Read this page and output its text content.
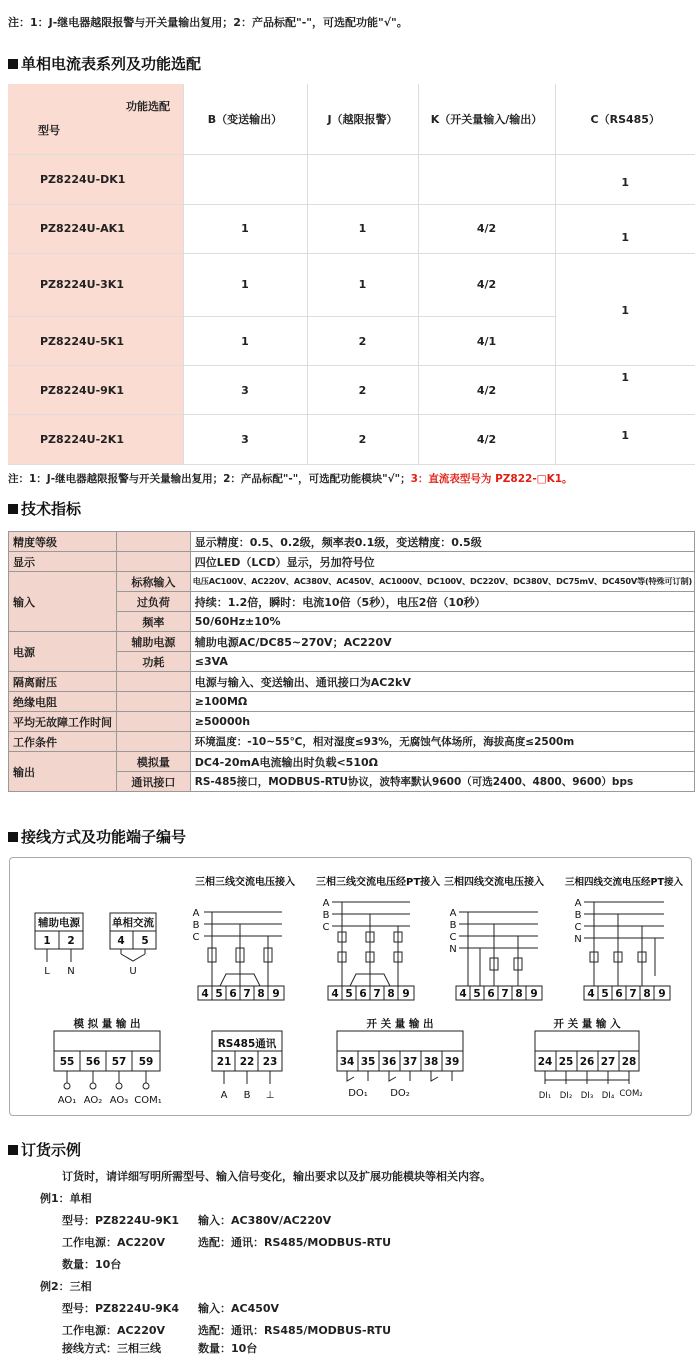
注：1：J-继电器越限报警与开关量输出复用；2：产品标配"-"，可选配功能"√"。
单相电流表系列及功能选配
功能选配
型号	B（变送输出）	J（越限报警）	K（开关量输入/输出）	C（RS485）
PZ8224U-DK1				1
PZ8224U-AK1	1	1	4/2	1
PZ8224U-3K1	1	1	4/2	1
PZ8224U-5K1	1	2	4/1	
PZ8224U-9K1	3	2	4/2	1
PZ8224U-2K1	3	2	4/2	1
注：1：J-继电器越限报警与开关量输出复用；2：产品标配"-"，可选配功能模块"√"；3：直流表型号为 PZ822-□K1。
技术指标
精度等级		显示精度：0.5、0.2级，频率表0.1级，变送精度：0.5级
显示		四位LED（LCD）显示，另加符号位
输入	标称输入	电压AC100V、AC220V、AC380V、AC450V、AC1000V、DC100V、DC220V、DC380V、DC75mV、DC450V等(特殊可订制)
	过负荷	持续：1.2倍，瞬时：电流10倍（5秒），电压2倍（10秒）
	频率	50/60Hz±10%
电源	辅助电源	辅助电源AC/DC85~270V；AC220V
	功耗	≤3VA
隔离耐压		电源与输入、变送输出、通讯接口为AC2kV
绝缘电阻		≥100MΩ
平均无故障工作时间		≥50000h
工作条件		环境温度：-10~55℃，相对湿度≤93%，无腐蚀气体场所，海拔高度≤2500m
输出	模拟量	DC4-20mA电流输出时负载<510Ω
	通讯接口	RS-485接口，MODBUS-RTU协议，波特率默认9600（可选2400、4800、9600）bps
接线方式及功能端子编号
三相三线交流电压接入 三相三线交流电压经PT接入 三相四线交流电压接入 三相四线交流电压经PT接入
辅助电源
1 2
单相交流
4 5
模 拟 量 输 出
55 56 57 59
RS485通讯
21 22 23
开 关 量 输 出
34 35 36 37 38 39
开 关 量 输 入
24 25 26 27 28
4 5 6 7 8 9	4 5 6 7 8 9	4 5 6 7 8 9	4 5 6 7 8 9
L N	U
A
B
C
A
B
C
A
B
C
N
A
B
C
N
AO₁ AO₂ AO₃ COM₁	A B ⊥	DO₁ DO₂	DI₁ DI₂ DI₃ DI₄ COM₂
订货示例
订货时，请详细写明所需型号、输入信号变化，输出要求以及扩展功能模块等相关内容。
例1：单相
型号：PZ8224U-9K1 输入：AC380V/AC220V
工作电源：AC220V	选配：通讯：RS485/MODBUS-RTU
数量：10台
例2：三相
型号：PZ8224U-9K4 输入：AC450V
工作电源：AC220V	选配：通讯：RS485/MODBUS-RTU
接线方式：三相三线	数量：10台
